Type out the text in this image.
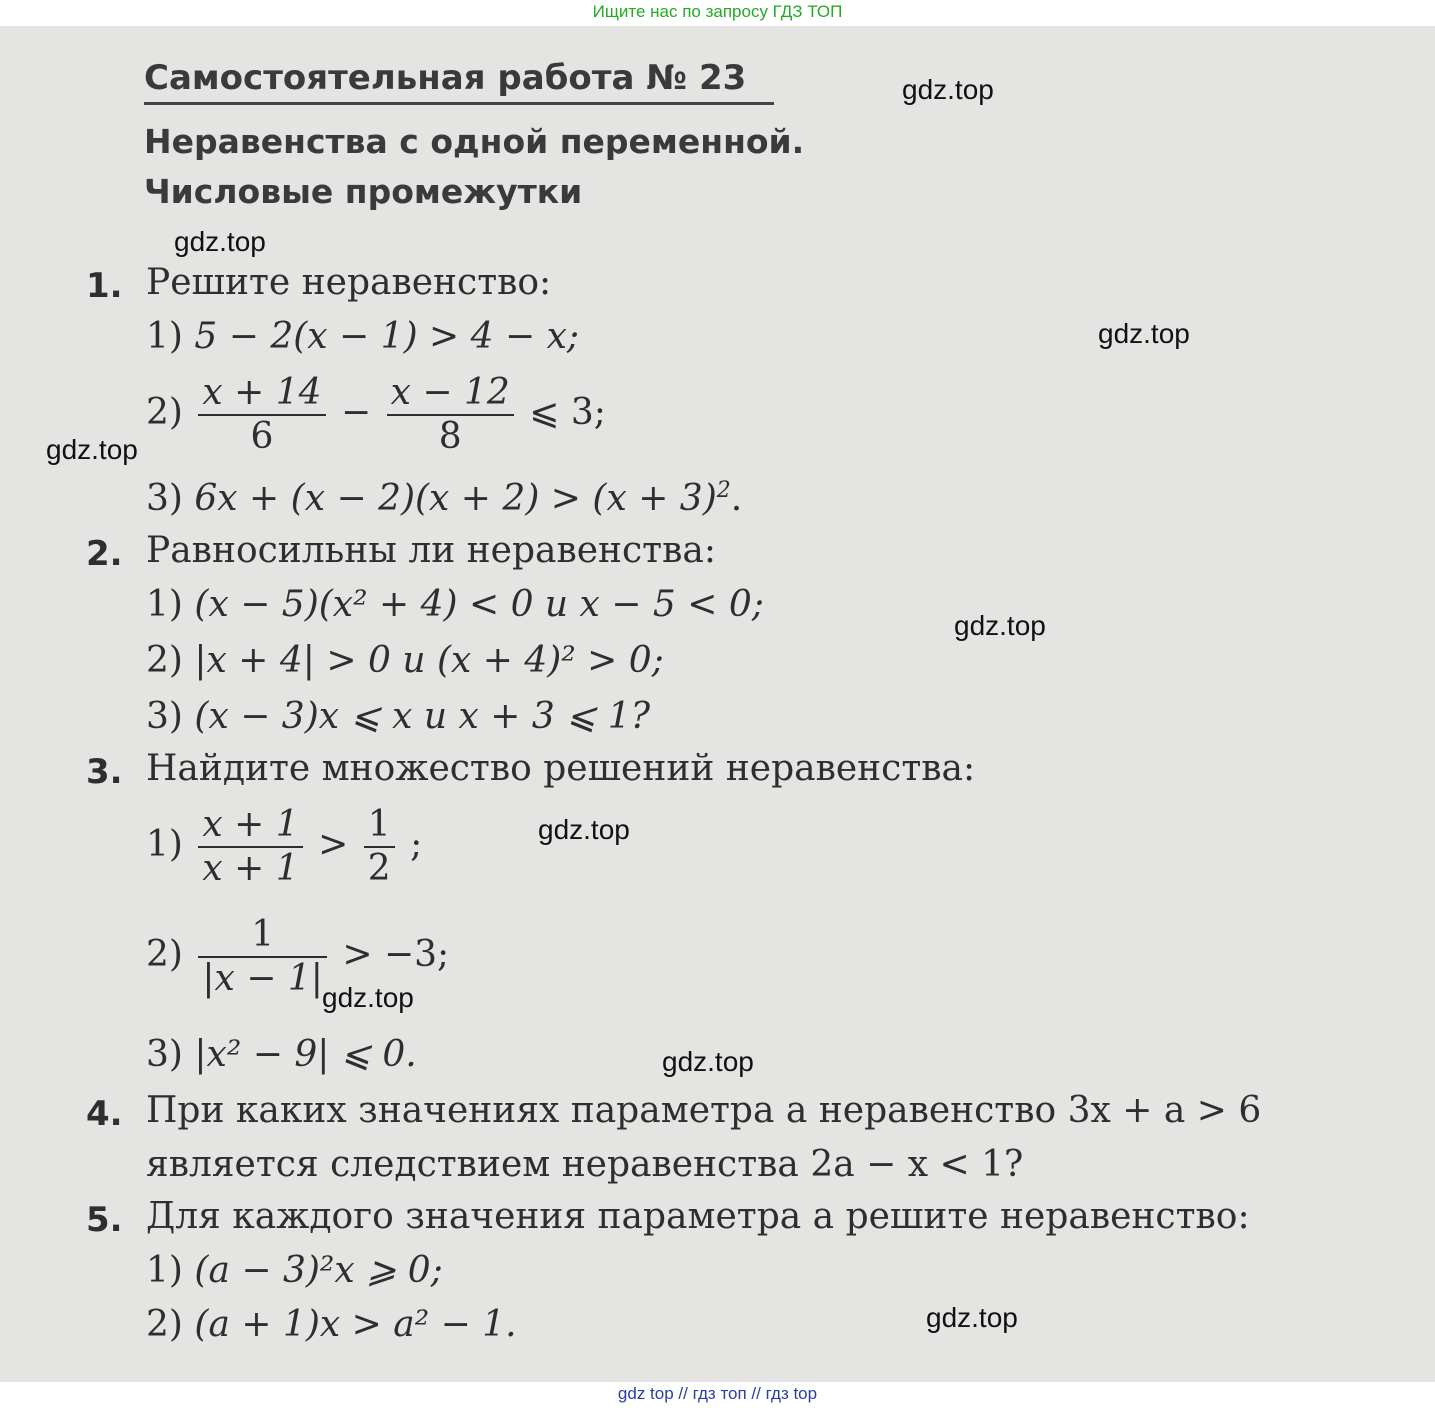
Ищите нас по запросу ГДЗ ТОП
Самостоятельная работа № 23
Неравенства с одной переменной.
Числовые промежутки
1. Решите неравенство:
1) 5 − 2(x − 1) > 4 − x;
$2) \frac{x + 14}{6} - \frac{x - 12}{8}$ ⩽ 3;
3) $6x + (x - 2)(x + 2) > (x + 3)^2$.
2. Равносильны ли неравенства:
1) (x − 5)(x² + 4) < 0 и x − 5 < 0;
2) |x + 4| > 0 и (x + 4)² > 0;
3) (x − 3)x ⩽ x и x + 3 ⩽ 1?
3. Найдите множество решений неравенства:
$1) \frac{x + 1}{x + 1} > \frac{1}{2}$ ;
$2) \frac{1}{|x - 1|} > -3$;
3) |x² − 9| ⩽ 0.
4. При каких значениях параметра a неравенство 3x + a > 6
является следствием неравенства 2a − x < 1?
5. Для каждого значения параметра a решите неравенство:
1) (a − 3)²x ⩾ 0;
2) (a + 1)x > a² − 1.
gdz.top
gdz.top
gdz.top
gdz.top
gdz.top
gdz.top
gdz.top
gdz.top
gdz.top
gdz top // гдз топ // гдз top
